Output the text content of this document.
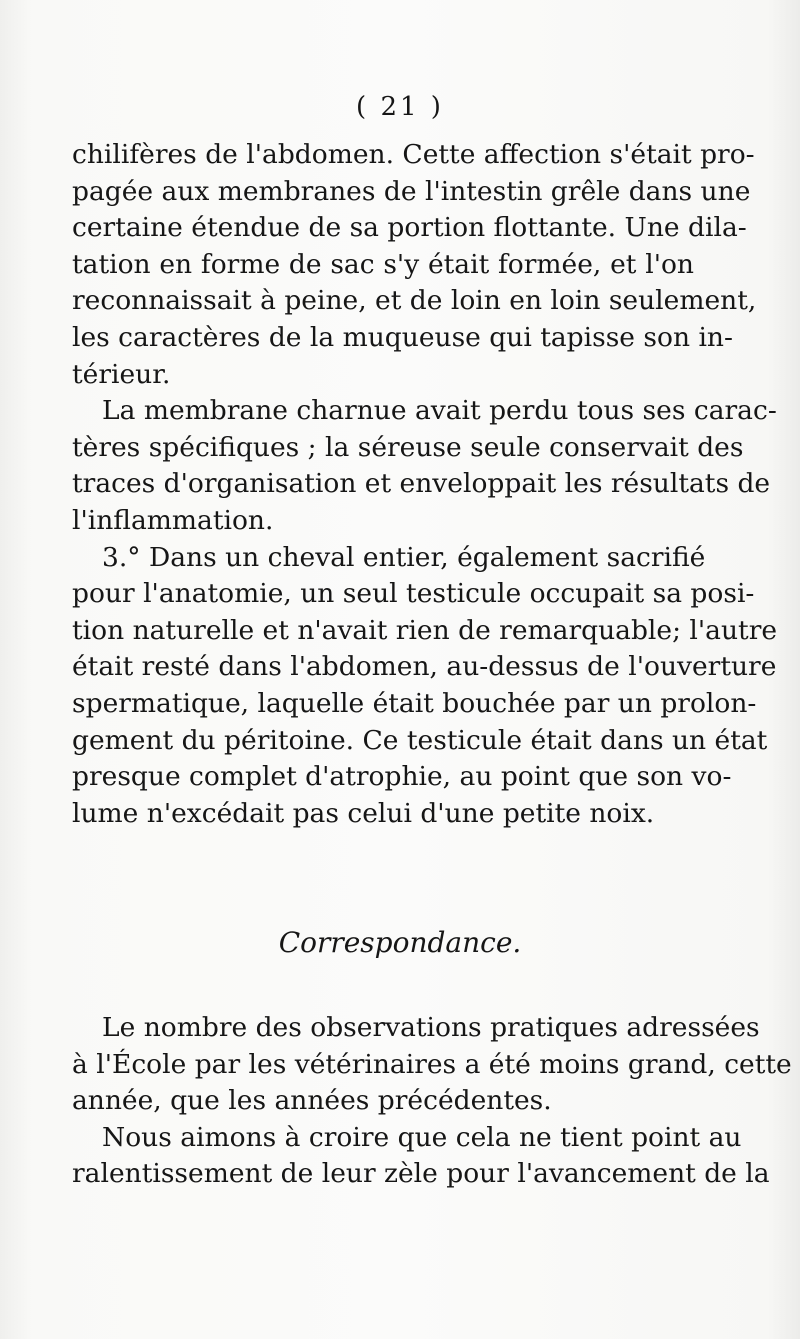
( 21 )
chilifères de l'abdomen. Cette affection s'était pro-
pagée aux membranes de l'intestin grêle dans une
certaine étendue de sa portion flottante. Une dila-
tation en forme de sac s'y était formée, et l'on
reconnaissait à peine, et de loin en loin seulement,
les caractères de la muqueuse qui tapisse son in-
térieur.
La membrane charnue avait perdu tous ses carac-
tères spécifiques ; la séreuse seule conservait des
traces d'organisation et enveloppait les résultats de
l'inflammation.
3.° Dans un cheval entier, également sacrifié
pour l'anatomie, un seul testicule occupait sa posi-
tion naturelle et n'avait rien de remarquable; l'autre
était resté dans l'abdomen, au-dessus de l'ouverture
spermatique, laquelle était bouchée par un prolon-
gement du péritoine. Ce testicule était dans un état
presque complet d'atrophie, au point que son vo-
lume n'excédait pas celui d'une petite noix.
Correspondance.
Le nombre des observations pratiques adressées
à l'École par les vétérinaires a été moins grand, cette
année, que les années précédentes.
Nous aimons à croire que cela ne tient point au
ralentissement de leur zèle pour l'avancement de la
